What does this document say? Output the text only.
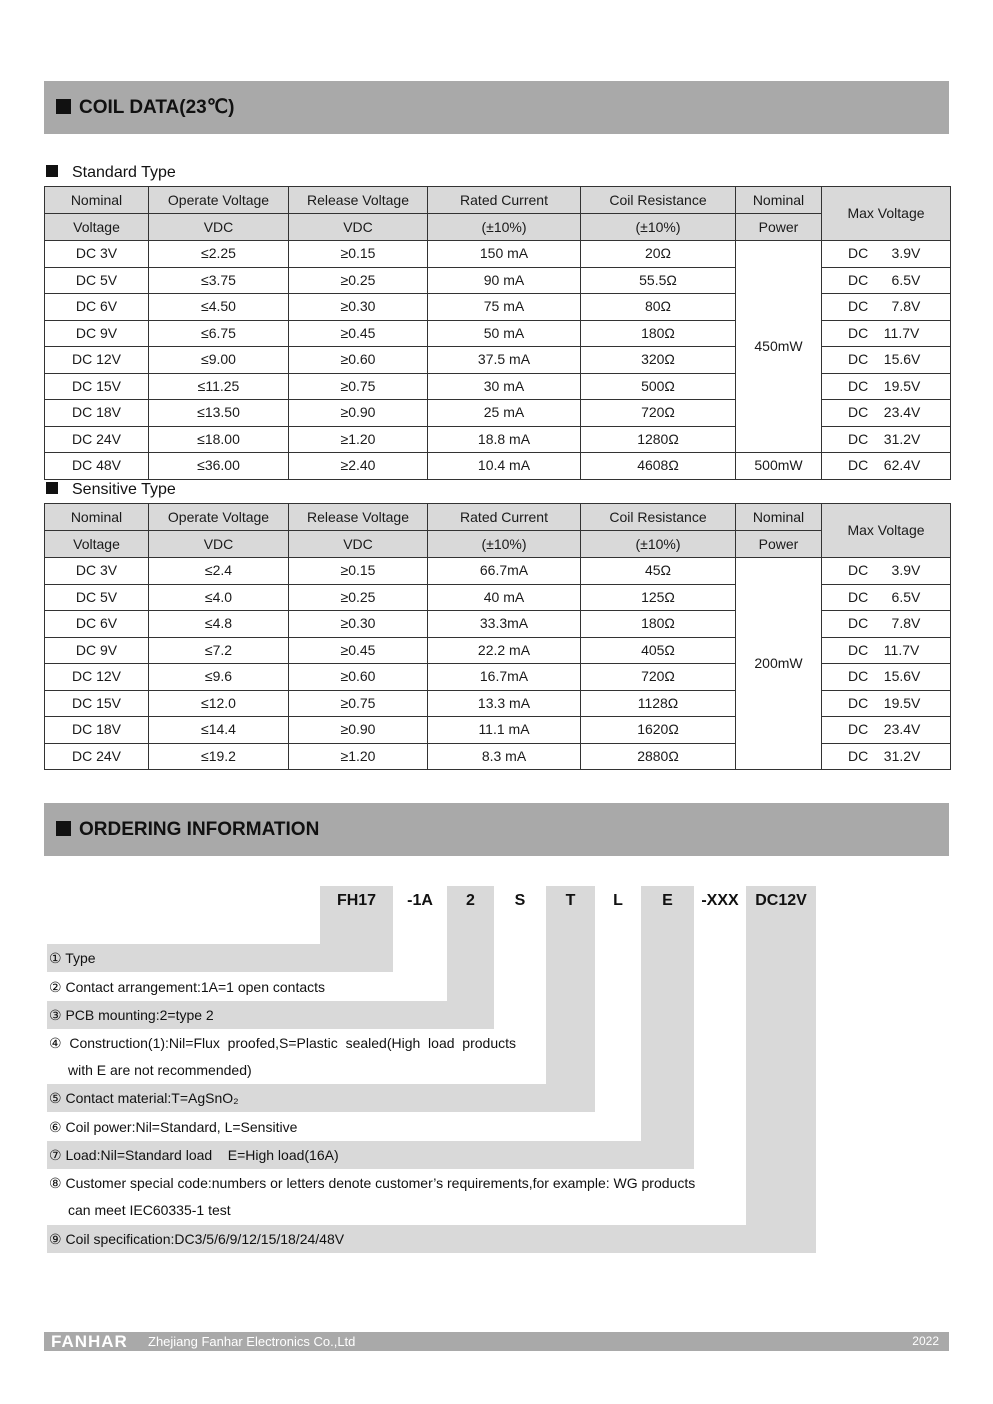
COIL DATA(23℃)
Standard Type
Nominal	Operate Voltage	Release Voltage	Rated Current	Coil Resistance	Nominal	Max Voltage
Voltage	VDC	VDC	(±10%)	(±10%)	Power	
DC 3V	≤2.25	≥0.15	150 mA	20Ω	450mW	DC      3.9V
DC 5V	≤3.75	≥0.25	90 mA	55.5Ω		DC      6.5V
DC 6V	≤4.50	≥0.30	75 mA	80Ω		DC      7.8V
DC 9V	≤6.75	≥0.45	50 mA	180Ω		DC    11.7V
DC 12V	≤9.00	≥0.60	37.5 mA	320Ω		DC    15.6V
DC 15V	≤11.25	≥0.75	30 mA	500Ω		DC    19.5V
DC 18V	≤13.50	≥0.90	25 mA	720Ω		DC    23.4V
DC 24V	≤18.00	≥1.20	18.8 mA	1280Ω		DC    31.2V
DC 48V	≤36.00	≥2.40	10.4 mA	4608Ω	500mW	DC    62.4V
Sensitive Type
Nominal	Operate Voltage	Release Voltage	Rated Current	Coil Resistance	Nominal	Max Voltage
Voltage	VDC	VDC	(±10%)	(±10%)	Power	
DC 3V	≤2.4	≥0.15	66.7mA	45Ω	200mW	DC      3.9V
DC 5V	≤4.0	≥0.25	40 mA	125Ω		DC      6.5V
DC 6V	≤4.8	≥0.30	33.3mA	180Ω		DC      7.8V
DC 9V	≤7.2	≥0.45	22.2 mA	405Ω		DC    11.7V
DC 12V	≤9.6	≥0.60	16.7mA	720Ω		DC    15.6V
DC 15V	≤12.0	≥0.75	13.3 mA	1128Ω		DC    19.5V
DC 18V	≤14.4	≥0.90	11.1 mA	1620Ω		DC    23.4V
DC 24V	≤19.2	≥1.20	8.3 mA	2880Ω		DC    31.2V
ORDERING INFORMATION
FH17	-1A	2	S	T	L	E	-XXX	DC12V
① Type
② Contact arrangement:1A=1 open contacts
③ PCB mounting:2=type 2
④ Construction(1):Nil=Flux  proofed,S=Plastic  sealed(High  load  products
with E are not recommended)
⑤ Contact material:T=AgSnO₂
⑥ Coil power:Nil=Standard, L=Sensitive
⑦ Load:Nil=Standard load    E=High load(16A)
⑧ Customer special code:numbers or letters denote customer’s requirements,for example: WG products
can meet IEC60335-1 test
⑨ Coil specification:DC3/5/6/9/12/15/18/24/48V
FANHAR Zhejiang Fanhar Electronics Co.,Ltd	2022
